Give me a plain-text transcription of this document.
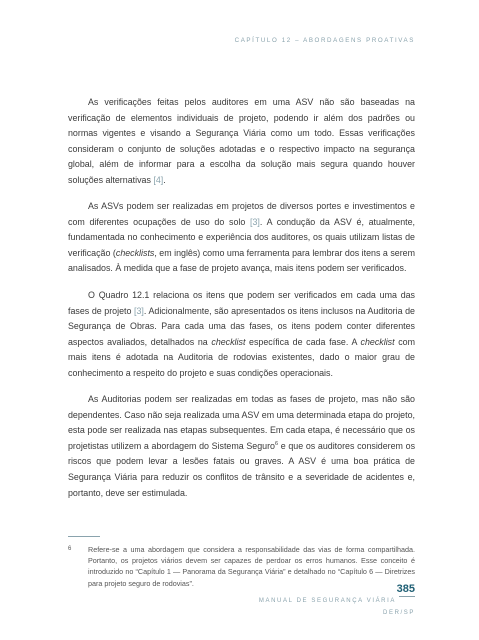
CAPÍTULO 12 – ABORDAGENS PROATIVAS

As verificações feitas pelos auditores em uma ASV não são baseadas na verificação de elementos individuais de projeto, podendo ir além dos padrões ou normas vigentes e visando a Segurança Viária como um todo. Essas verificações consideram o conjunto de soluções adotadas e o respectivo impacto na segurança global, além de informar para a escolha da solução mais segura quando houver soluções alternativas [4].

As ASVs podem ser realizadas em projetos de diversos portes e investimentos e com diferentes ocupações de uso do solo [3]. A condução da ASV é, atualmente, fundamentada no conhecimento e experiência dos auditores, os quais utilizam listas de verificação (checklists, em inglês) como uma ferramenta para lembrar dos itens a serem analisados. À medida que a fase de projeto avança, mais itens podem ser verificados.

O Quadro 12.1 relaciona os itens que podem ser verificados em cada uma das fases de projeto [3]. Adicionalmente, são apresentados os itens inclusos na Auditoria de Segurança de Obras. Para cada uma das fases, os itens podem conter diferentes aspectos avaliados, detalhados na checklist específica de cada fase. A checklist com mais itens é adotada na Auditoria de rodovias existentes, dado o maior grau de conhecimento a respeito do projeto e suas condições operacionais.

As Auditorias podem ser realizadas em todas as fases de projeto, mas não são dependentes. Caso não seja realizada uma ASV em uma determinada etapa do projeto, esta pode ser realizada nas etapas subsequentes. Em cada etapa, é necessário que os projetistas utilizem a abordagem do Sistema Seguro$^6$ e que os auditores considerem os riscos que podem levar a lesões fatais ou graves. A ASV é uma boa prática de Segurança Viária para reduzir os conflitos de trânsito e a severidade de acidentes e, portanto, deve ser estimulada.

6	Refere-se a uma abordagem que considera a responsabilidade das vias de forma compartilhada. Portanto, os projetos viários devem ser capazes de perdoar os erros humanos. Esse conceito é introduzido no “Capítulo 1 — Panorama da Segurança Viária” e detalhado no “Capítulo 6 — Diretrizes para projeto seguro de rodovias”.	385
MANUAL DE SEGURANÇA VIÁRIA
DER/SP
